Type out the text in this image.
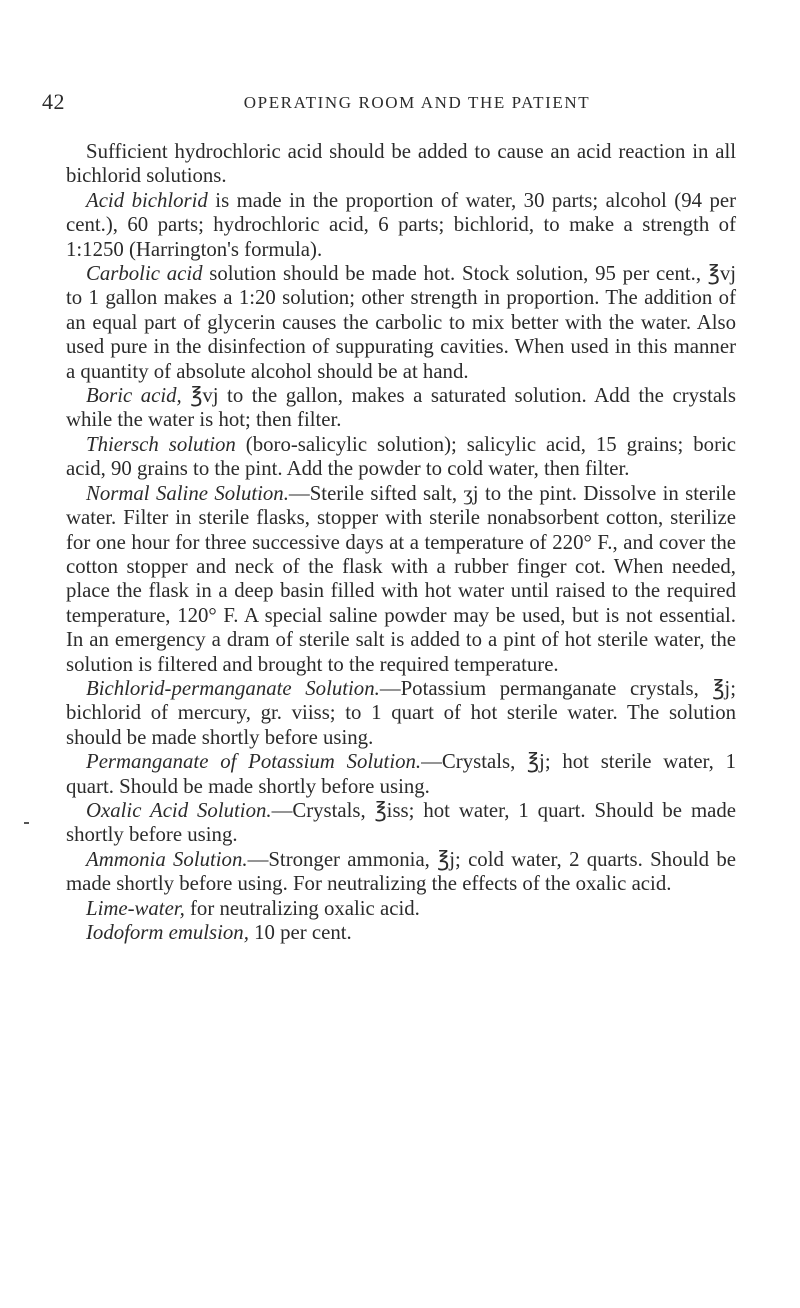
42	OPERATING ROOM AND THE PATIENT

Sufficient hydrochloric acid should be added to cause an acid reaction in all bichlorid solutions.

Acid bichlorid is made in the proportion of water, 30 parts; alcohol (94 per cent.), 60 parts; hydrochloric acid, 6 parts; bichlorid, to make a strength of 1:1250 (Harrington's formula).

Carbolic acid solution should be made hot. Stock solution, 95 per cent., ℥vj to 1 gallon makes a 1:20 solution; other strength in proportion. The addition of an equal part of glycerin causes the carbolic to mix better with the water. Also used pure in the disinfection of suppurating cavities. When used in this manner a quantity of absolute alcohol should be at hand.

Boric acid, ℥vj to the gallon, makes a saturated solution. Add the crystals while the water is hot; then filter.

Thiersch solution (boro-salicylic solution); salicylic acid, 15 grains; boric acid, 90 grains to the pint. Add the powder to cold water, then filter.

Normal Saline Solution.—Sterile sifted salt, ʒj to the pint. Dissolve in sterile water. Filter in sterile flasks, stopper with sterile nonabsorbent cotton, sterilize for one hour for three successive days at a temperature of 220° F., and cover the cotton stopper and neck of the flask with a rubber finger cot. When needed, place the flask in a deep basin filled with hot water until raised to the required temperature, 120° F. A special saline powder may be used, but is not essential. In an emergency a dram of sterile salt is added to a pint of hot sterile water, the solution is filtered and brought to the required temperature.

Bichlorid-permanganate Solution.—Potassium permanganate crystals, ℥j; bichlorid of mercury, gr. viiss; to 1 quart of hot sterile water. The solution should be made shortly before using.

Permanganate of Potassium Solution.—Crystals, ℥j; hot sterile water, 1 quart. Should be made shortly before using.

Oxalic Acid Solution.—Crystals, ℥iss; hot water, 1 quart. Should be made shortly before using.

Ammonia Solution.—Stronger ammonia, ℥j; cold water, 2 quarts. Should be made shortly before using. For neutralizing the effects of the oxalic acid.

Lime-water, for neutralizing oxalic acid.

Iodoform emulsion, 10 per cent.
